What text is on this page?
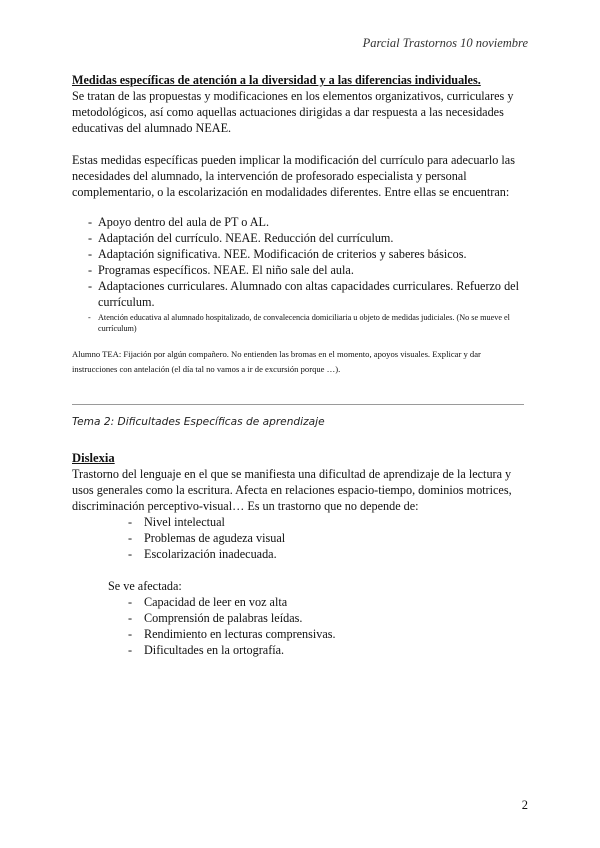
Parcial Trastornos 10 noviembre
Medidas específicas de atención a la diversidad y a las diferencias individuales.

Se tratan de las propuestas y modificaciones en los elementos organizativos, curriculares y metodológicos, así como aquellas actuaciones dirigidas a dar respuesta a las necesidades educativas del alumnado NEAE.

Estas medidas específicas pueden implicar la modificación del currículo para adecuarlo las necesidades del alumnado, la intervención de profesorado especialista y personal complementario, o la escolarización en modalidades diferentes. Entre ellas se encuentran:

- Apoyo dentro del aula de PT o AL.
- Adaptación del currículo. NEAE. Reducción del currículum.
- Adaptación significativa. NEE. Modificación de criterios y saberes básicos.
- Programas específicos. NEAE. El niño sale del aula.
- Adaptaciones curriculares. Alumnado con altas capacidades curriculares. Refuerzo del currículum.
- Atención educativa al alumnado hospitalizado, de convalecencia domiciliaria u objeto de medidas judiciales. (No se mueve el currículum)

Alumno TEA: Fijación por algún compañero. No entienden las bromas en el momento, apoyos visuales. Explicar y dar instrucciones con antelación (el día tal no vamos a ir de excursión porque …).

Tema 2: Dificultades Específicas de aprendizaje
Dislexia

Trastorno del lenguaje en el que se manifiesta una dificultad de aprendizaje de la lectura y usos generales como la escritura. Afecta en relaciones espacio-tiempo, dominios motrices, discriminación perceptivo-visual… Es un trastorno que no depende de:

- Nivel intelectual
- Problemas de agudeza visual
- Escolarización inadecuada.

Se ve afectada:

- Capacidad de leer en voz alta
- Comprensión de palabras leídas.
- Rendimiento en lecturas comprensivas.
- Dificultades en la ortografía.
2
